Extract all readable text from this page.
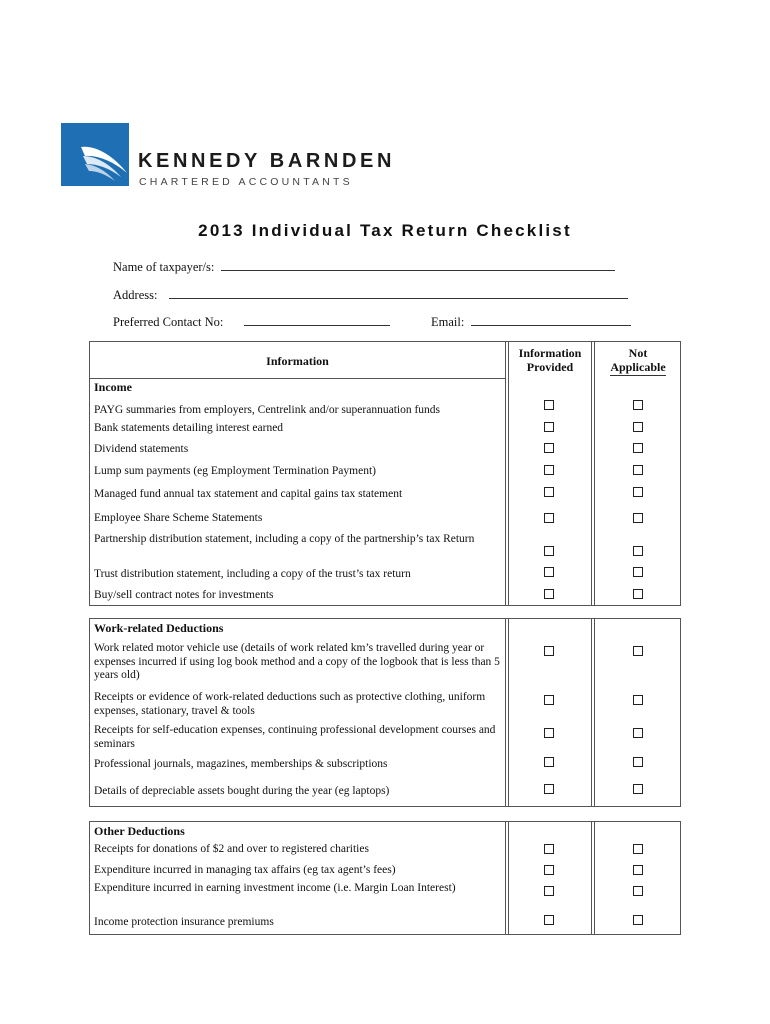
KENNEDY BARNDEN
CHARTERED ACCOUNTANTS
2013 Individual Tax Return Checklist
Name of taxpayer/s:
Address:
Preferred Contact No:	Email:
Information
Information
Provided
Not
Applicable
Income
PAYG summaries from employers, Centrelink and/or superannuation funds
Bank statements detailing interest earned
Dividend statements
Lump sum payments (eg Employment Termination Payment)
Managed fund annual tax statement and capital gains tax statement
Employee Share Scheme Statements
Partnership distribution statement, including a copy of the partnership’s tax Return
Trust distribution statement, including a copy of the trust’s tax return
Buy/sell contract notes for investments
Work-related Deductions
Work related motor vehicle use (details of work related km’s travelled during year or expenses incurred if using log book method and a copy of the logbook that is less than 5 years old)
Receipts or evidence of work-related deductions such as protective clothing, uniform expenses, stationary, travel & tools
Receipts for self-education expenses, continuing professional development courses and seminars
Professional journals, magazines, memberships & subscriptions
Details of depreciable assets bought during the year (eg laptops)
Other Deductions
Receipts for donations of $2 and over to registered charities
Expenditure incurred in managing tax affairs (eg tax agent’s fees)
Expenditure incurred in earning investment income (i.e. Margin Loan Interest)
Income protection insurance premiums
